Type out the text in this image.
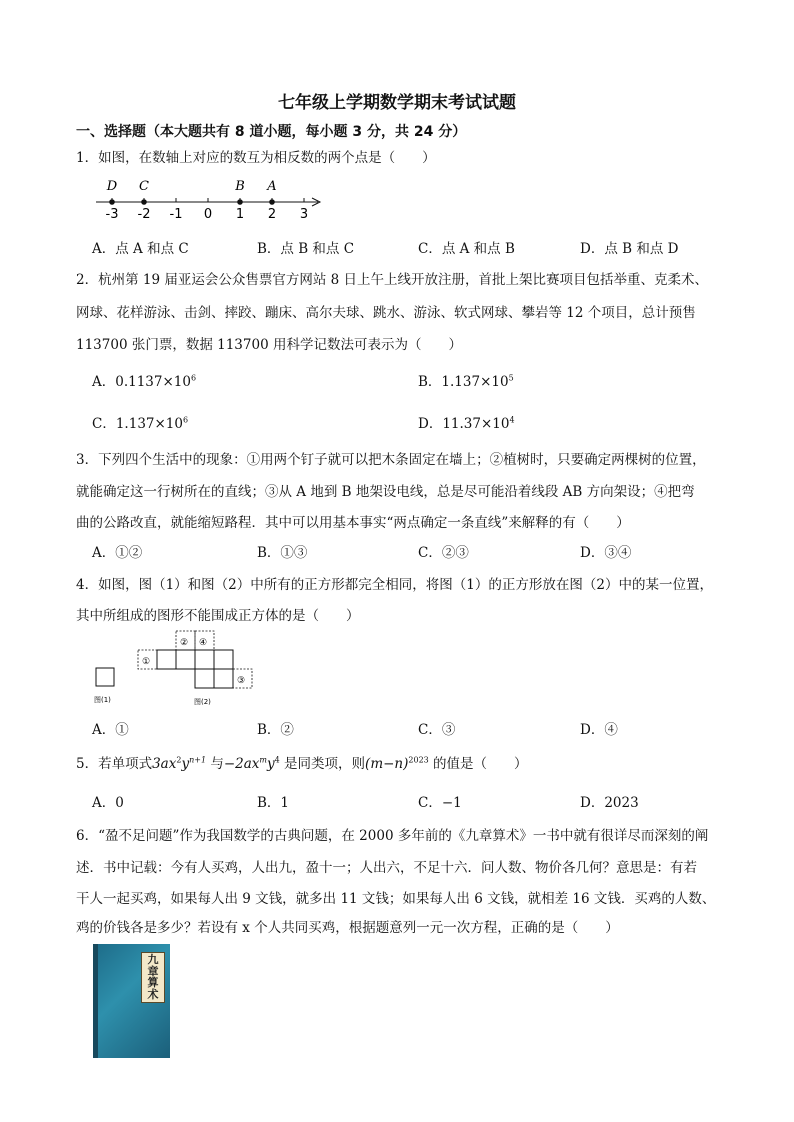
七年级上学期数学期末考试试题
一、选择题（本大题共有 8 道小题，每小题 3 分，共 24 分）
1．如图，在数轴上对应的数互为相反数的两个点是（　　）
-3 -2 -1 0 1 2 3
D C	B A
A．点 A 和点 C	B．点 B 和点 C	C．点 A 和点 B	D．点 B 和点 D
2．杭州第 19 届亚运会公众售票官方网站 8 日上午上线开放注册，首批上架比赛项目包括举重、克柔术、
网球、花样游泳、击剑、摔跤、蹦床、高尔夫球、跳水、游泳、软式网球、攀岩等 12 个项目，总计预售
113700 张门票，数据 113700 用科学记数法可表示为（　　）
A．$0.1137\times 10^6$	B．$1.137\times 10^5$
C．$1.137\times 10^6$	D．$11.37\times 10^4$
3．下列四个生活中的现象：①用两个钉子就可以把木条固定在墙上；②植树时，只要确定两棵树的位置，
就能确定这一行树所在的直线；③从 A 地到 B 地架设电线，总是尽可能沿着线段 AB 方向架设；④把弯
曲的公路改直，就能缩短路程．其中可以用基本事实“两点确定一条直线”来解释的有（　　）
A．①②	B．①③	C．②③	D．③④
4．如图，图（1）和图（2）中所有的正方形都完全相同，将图（1）的正方形放在图（2）中的某一位置，
其中所组成的图形不能围成正方体的是（　　）
图(1)
①
② ④
③
图(2)
A．①	B．②	C．③	D．④
5．若单项式$3ax^2y^{n+1}$ 与$-2ax^my^4$ 是同类项，则$(m-n)^{2023}$ 的值是（　　）
A．0	B．1	C．−1	D．2023
6．“盈不足问题”作为我国数学的古典问题，在 2000 多年前的《九章算术》一书中就有很详尽而深刻的阐
述．书中记载：今有人买鸡，人出九，盈十一；人出六，不足十六．问人数、物价各几何？意思是：有若
干人一起买鸡，如果每人出 9 文钱，就多出 11 文钱；如果每人出 6 文钱，就相差 16 文钱．买鸡的人数、
鸡的价钱各是多少？若设有 x 个人共同买鸡，根据题意列一元一次方程，正确的是（　　）
九
章
算
术
